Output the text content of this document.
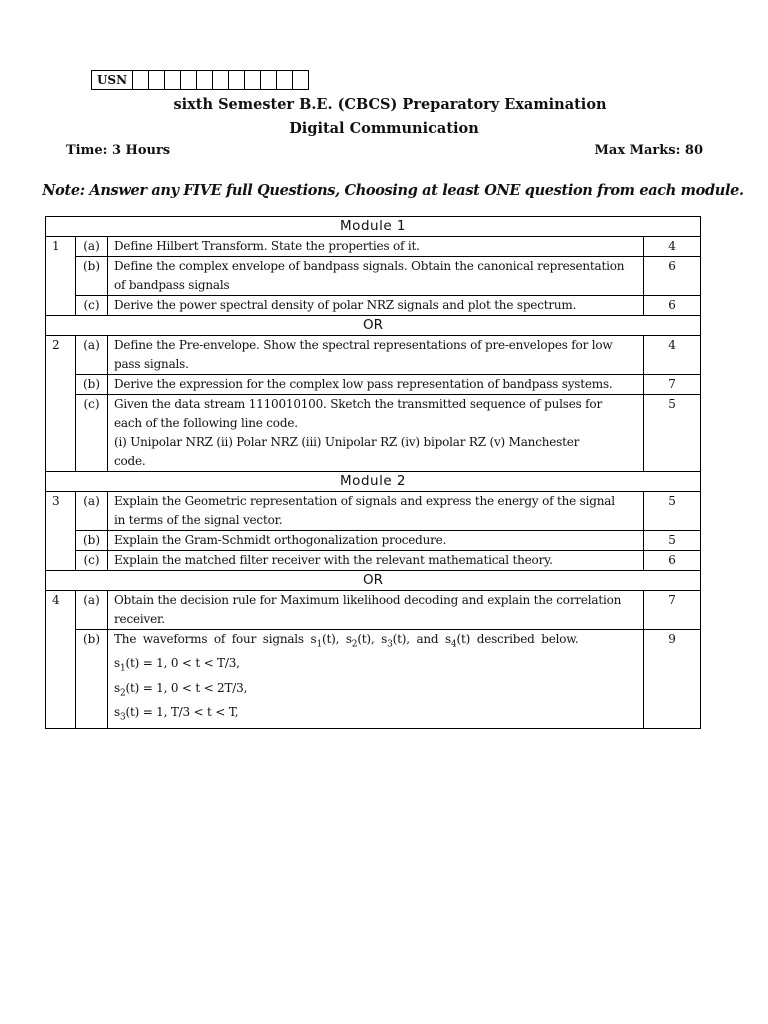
USN
sixth Semester B.E. (CBCS) Preparatory Examination
Digital Communication
Time: 3 Hours	Max Marks: 80
Note: Answer any FIVE full Questions, Choosing at least ONE question from each module.
Module 1			
1	(a)	Define Hilbert Transform. State the properties of it.	4
	(b)	Define the complex envelope of bandpass signals. Obtain the canonical representation
of bandpass signals	6
	(c)	Derive the power spectral density of polar NRZ signals and plot the spectrum.	6
OR			
2	(a)	Define the Pre-envelope. Show the spectral representations of pre-envelopes for low
pass signals.	4
	(b)	Derive the expression for the complex low pass representation of bandpass systems.	7
	(c)	Given the data stream 1110010100. Sketch the transmitted sequence of pulses for
each of the following line code.
(i) Unipolar NRZ (ii) Polar NRZ (iii) Unipolar RZ (iv) bipolar RZ (v) Manchester
code.	5
Module 2			
3	(a)	Explain the Geometric representation of signals and express the energy of the signal
in terms of the signal vector.	5
	(b)	Explain the Gram-Schmidt orthogonalization procedure.	5
	(c)	Explain the matched filter receiver with the relevant mathematical theory.	6
OR			
4	(a)	Obtain the decision rule for Maximum likelihood decoding and explain the correlation
receiver.	7
	(b)	The waveforms of four signals $s_1(t)$, $s_2(t)$, $s_3(t)$, and $s_4(t)$ described below.
$s_1(t) = 1$, 0 < t < T/3,
$s_2(t) = 1$, 0 < t < 2T/3,
$s_3(t) = 1$, T/3 < t < T,	9
